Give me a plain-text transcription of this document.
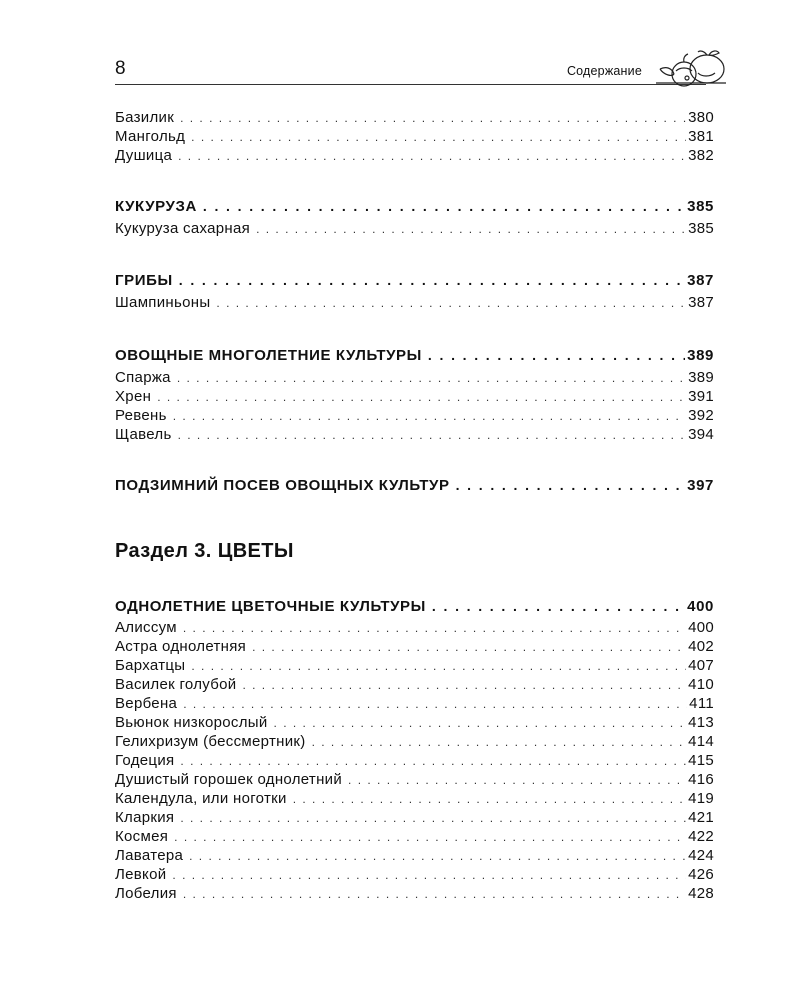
8	Содержание
Базилик . . .	380
Мангольд . . .	381
Душица . . .	382
КУКУРУЗА . . .	385
Кукуруза сахарная . . .	385
ГРИБЫ . . .	387
Шампиньоны . . .	387
ОВОЩНЫЕ МНОГОЛЕТНИЕ КУЛЬТУРЫ . . .	389
Спаржа . . .	389
Хрен . . .	391
Ревень . . .	392
Щавель . . .	394
ПОДЗИМНИЙ ПОСЕВ ОВОЩНЫХ КУЛЬТУР . . .	397
Раздел 3. ЦВЕТЫ
ОДНОЛЕТНИЕ ЦВЕТОЧНЫЕ КУЛЬТУРЫ . . .	400
Алиссум . . .	400
Астра однолетняя . . .	402
Бархатцы . . .	407
Василек голубой . . .	410
Вербена . . .	411
Вьюнок низкорослый . . .	413
Гелихризум (бессмертник) . . .	414
Годеция . . .	415
Душистый горошек однолетний . . .	416
Календула, или ноготки . . .	419
Кларкия . . .	421
Космея . . .	422
Лаватера . . .	424
Левкой . . .	426
Лобелия . . .	428
